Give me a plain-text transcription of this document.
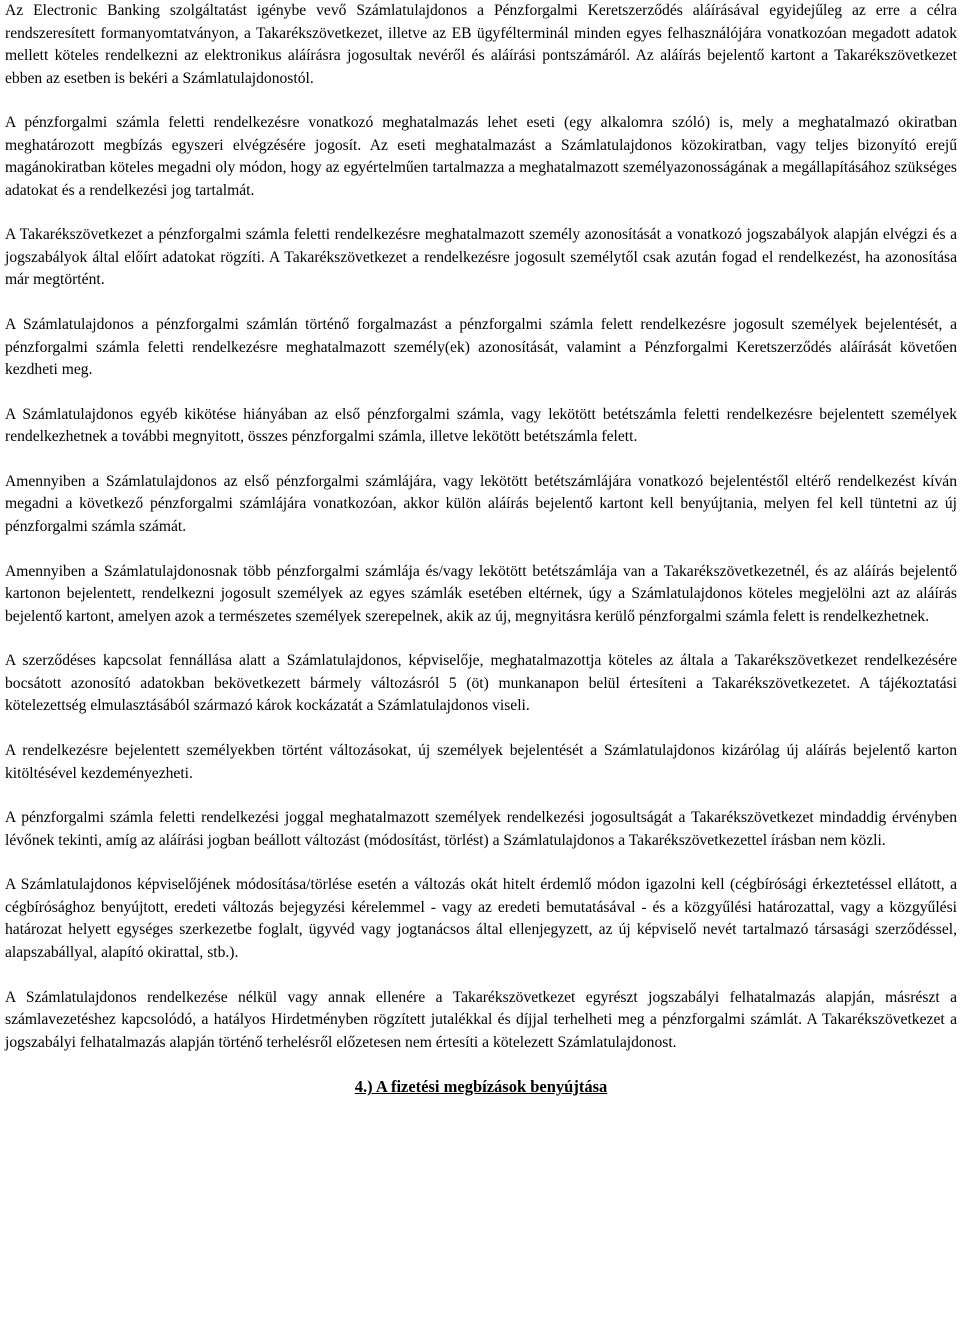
Az Electronic Banking szolgáltatást igénybe vevő Számlatulajdonos a Pénzforgalmi Keretszerződés aláírásával egyidejűleg az erre a célra rendszeresített formanyomtatványon, a Takarékszövetkezet, illetve az EB ügyfélterminál minden egyes felhasználójára vonatkozóan megadott adatok mellett köteles rendelkezni az elektronikus aláírásra jogosultak nevéről és aláírási pontszámáról. Az aláírás bejelentő kartont a Takarékszövetkezet ebben az esetben is bekéri a Számlatulajdonostól.

A pénzforgalmi számla feletti rendelkezésre vonatkozó meghatalmazás lehet eseti (egy alkalomra szóló) is, mely a meghatalmazó okiratban meghatározott megbízás egyszeri elvégzésére jogosít. Az eseti meghatalmazást a Számlatulajdonos közokiratban, vagy teljes bizonyító erejű magánokiratban köteles megadni oly módon, hogy az egyértelműen tartalmazza a meghatalmazott személyazonosságának a megállapításához szükséges adatokat és a rendelkezési jog tartalmát.

A Takarékszövetkezet a pénzforgalmi számla feletti rendelkezésre meghatalmazott személy azonosítását a vonatkozó jogszabályok alapján elvégzi és a jogszabályok által előírt adatokat rögzíti. A Takarékszövetkezet a rendelkezésre jogosult személytől csak azután fogad el rendelkezést, ha azonosítása már megtörtént.

A Számlatulajdonos a pénzforgalmi számlán történő forgalmazást a pénzforgalmi számla felett rendelkezésre jogosult személyek bejelentését, a pénzforgalmi számla feletti rendelkezésre meghatalmazott személy(ek) azonosítását, valamint a Pénzforgalmi Keretszerződés aláírását követően kezdheti meg.

A Számlatulajdonos egyéb kikötése hiányában az első pénzforgalmi számla, vagy lekötött betétszámla feletti rendelkezésre bejelentett személyek rendelkezhetnek a további megnyitott, összes pénzforgalmi számla, illetve lekötött betétszámla felett.

Amennyiben a Számlatulajdonos az első pénzforgalmi számlájára, vagy lekötött betétszámlájára vonatkozó bejelentéstől eltérő rendelkezést kíván megadni a következő pénzforgalmi számlájára vonatkozóan, akkor külön aláírás bejelentő kartont kell benyújtania, melyen fel kell tüntetni az új pénzforgalmi számla számát.

Amennyiben a Számlatulajdonosnak több pénzforgalmi számlája és/vagy lekötött betétszámlája van a Takarékszövetkezetnél, és az aláírás bejelentő kartonon bejelentett, rendelkezni jogosult személyek az egyes számlák esetében eltérnek, úgy a Számlatulajdonos köteles megjelölni azt az aláírás bejelentő kartont, amelyen azok a természetes személyek szerepelnek, akik az új, megnyitásra kerülő pénzforgalmi számla felett is rendelkezhetnek.

A szerződéses kapcsolat fennállása alatt a Számlatulajdonos, képviselője, meghatalmazottja köteles az általa a Takarékszövetkezet rendelkezésére bocsátott azonosító adatokban bekövetkezett bármely változásról 5 (öt) munkanapon belül értesíteni a Takarékszövetkezetet. A tájékoztatási kötelezettség elmulasztásából származó károk kockázatát a Számlatulajdonos viseli.

A rendelkezésre bejelentett személyekben történt változásokat, új személyek bejelentését a Számlatulajdonos kizárólag új aláírás bejelentő karton kitöltésével kezdeményezheti.

A pénzforgalmi számla feletti rendelkezési joggal meghatalmazott személyek rendelkezési jogosultságát a Takarékszövetkezet mindaddig érvényben lévőnek tekinti, amíg az aláírási jogban beállott változást (módosítást, törlést) a Számlatulajdonos a Takarékszövetkezettel írásban nem közli.

A Számlatulajdonos képviselőjének módosítása/törlése esetén a változás okát hitelt érdemlő módon igazolni kell (cégbírósági érkeztetéssel ellátott, a cégbírósághoz benyújtott, eredeti változás bejegyzési kérelemmel - vagy az eredeti bemutatásával - és a közgyűlési határozattal, vagy a közgyűlési határozat helyett egységes szerkezetbe foglalt, ügyvéd vagy jogtanácsos által ellenjegyzett, az új képviselő nevét tartalmazó társasági szerződéssel, alapszabállyal, alapító okirattal, stb.).

A Számlatulajdonos rendelkezése nélkül vagy annak ellenére a Takarékszövetkezet egyrészt jogszabályi felhatalmazás alapján, másrészt a számlavezetéshez kapcsolódó, a hatályos Hirdetményben rögzített jutalékkal és díjjal terhelheti meg a pénzforgalmi számlát. A Takarékszövetkezet a jogszabályi felhatalmazás alapján történő terhelésről előzetesen nem értesíti a kötelezett Számlatulajdonost.

4.) A fizetési megbízások benyújtása
